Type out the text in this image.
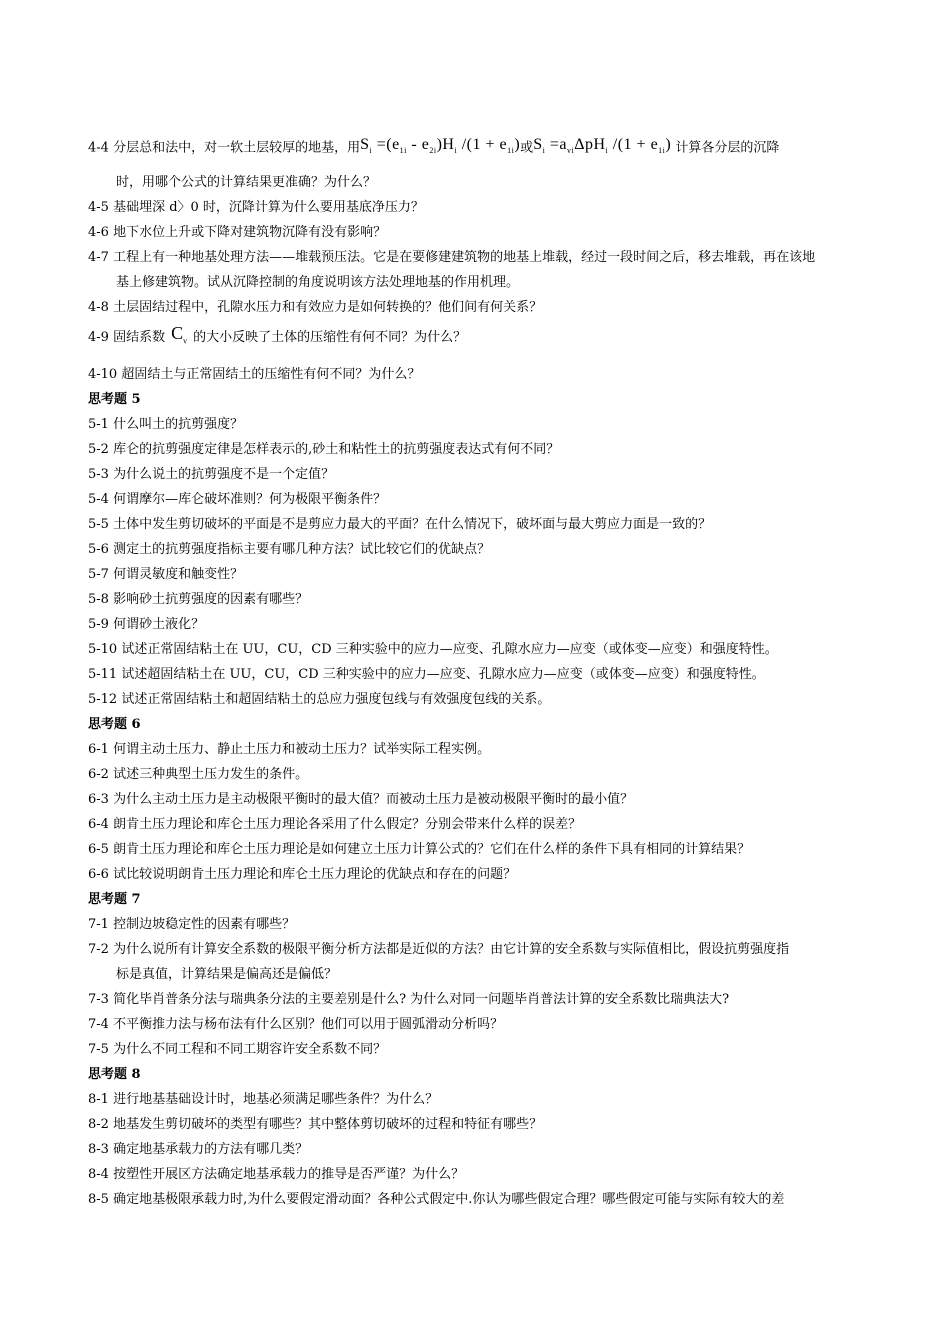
4-4 分层总和法中，对一软土层较厚的地基，用$S_i =(e_{1i} - e_{2i})H_i$ $/(1 + e_{1i})$或$S_i =a_{vi}\Delta pH_i$ $/(1 + e_{1i})$ 计算各分层的沉降
时，用哪个公式的计算结果更准确？为什么？
4-5 基础埋深 d〉0 时，沉降计算为什么要用基底净压力？
4-6 地下水位上升或下降对建筑物沉降有没有影响？
4-7 工程上有一种地基处理方法——堆载预压法。它是在要修建建筑物的地基上堆载，经过一段时间之后，移去堆载，再在该地
基上修建筑物。试从沉降控制的角度说明该方法处理地基的作用机理。
4-8 土层固结过程中，孔隙水压力和有效应力是如何转换的？他们间有何关系？
4-9 固结系数 $C_v$ 的大小反映了土体的压缩性有何不同？为什么？
4-10 超固结土与正常固结土的压缩性有何不同？为什么？
思考题 5
5-1 什么叫土的抗剪强度？
5-2 库仑的抗剪强度定律是怎样表示的,砂土和粘性土的抗剪强度表达式有何不同？
5-3 为什么说土的抗剪强度不是一个定值？
5-4 何谓摩尔—库仑破坏准则？何为极限平衡条件？
5-5 土体中发生剪切破坏的平面是不是剪应力最大的平面？在什么情况下，破坏面与最大剪应力面是一致的？
5-6 测定土的抗剪强度指标主要有哪几种方法？试比较它们的优缺点？
5-7 何谓灵敏度和触变性？
5-8 影响砂土抗剪强度的因素有哪些？
5-9 何谓砂土液化？
5-10 试述正常固结粘土在 UU，CU，CD 三种实验中的应力—应变、孔隙水应力—应变（或体变—应变）和强度特性。
5-11 试述超固结粘土在 UU，CU，CD 三种实验中的应力—应变、孔隙水应力—应变（或体变—应变）和强度特性。
5-12 试述正常固结粘土和超固结粘土的总应力强度包线与有效强度包线的关系。
思考题 6
6-1 何谓主动土压力、静止土压力和被动土压力？试举实际工程实例。
6-2 试述三种典型土压力发生的条件。
6-3 为什么主动土压力是主动极限平衡时的最大值？而被动土压力是被动极限平衡时的最小值？
6-4 朗肯土压力理论和库仑土压力理论各采用了什么假定？分别会带来什么样的误差？
6-5 朗肯土压力理论和库仑土压力理论是如何建立土压力计算公式的？它们在什么样的条件下具有相同的计算结果？
6-6 试比较说明朗肯土压力理论和库仑土压力理论的优缺点和存在的问题？
思考题 7
7-1 控制边坡稳定性的因素有哪些？
7-2 为什么说所有计算安全系数的极限平衡分析方法都是近似的方法？由它计算的安全系数与实际值相比，假设抗剪强度指
标是真值，计算结果是偏高还是偏低？
7-3 简化毕肖普条分法与瑞典条分法的主要差别是什么? 为什么对同一问题毕肖普法计算的安全系数比瑞典法大?
7-4 不平衡推力法与杨布法有什么区别？他们可以用于圆弧滑动分析吗？
7-5 为什么不同工程和不同工期容许安全系数不同？
思考题 8
8-1 进行地基基础设计时，地基必须满足哪些条件？为什么？
8-2 地基发生剪切破坏的类型有哪些？其中整体剪切破坏的过程和特征有哪些？
8-3 确定地基承载力的方法有哪几类？
8-4 按塑性开展区方法确定地基承载力的推导是否严谨？为什么？
8-5 确定地基极限承载力时,为什么要假定滑动面？各种公式假定中.你认为哪些假定合理？哪些假定可能与实际有较大的差
